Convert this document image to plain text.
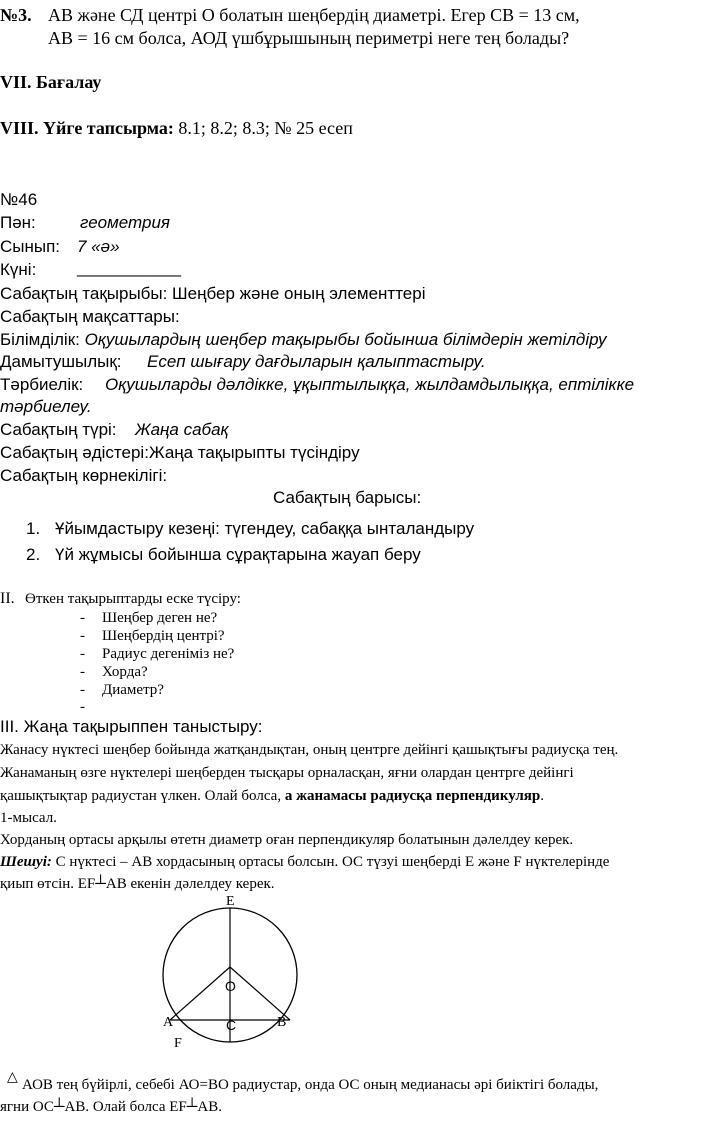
№3. АВ және СД центрі О болатын шеңбердің диаметрі. Егер СВ = 13 см,
АВ = 16 см болса, АОД үшбұрышының периметрі неге тең болады?
VII. Бағалау
VIII. Үйге тапсырма: 8.1; 8.2; 8.3; № 25 есеп
№46
Пән:	геометрия
Сынып: 7 «ә»
Күні: ___________
Сабақтың тақырыбы: Шеңбер және оның элементтері
Сабақтың мақсаттары:
Білімділік: Оқушылардың шеңбер тақырыбы бойынша білімдерін жетілдіру
Дамытушылық: Есеп шығару дағдыларын қалыптастыру.
Тәрбиелік: Оқушыларды дәлдікке, ұқыптылыққа, жылдамдылыққа, ептілікке
тәрбиелеу.
Сабақтың түрі: Жаңа сабақ
Сабақтың әдістері:Жаңа тақырыпты түсіндіру
Сабақтың көрнекілігі:
Сабақтың барысы:
1. Ұйымдастыру кезеңі: түгендеу, сабаққа ынталандыру
2. Үй жұмысы бойынша сұрақтарына жауап беру
II. Өткен тақырыптарды еске түсіру:
- Шеңбер деген не?
- Шеңбердің центрі?
- Радиус дегеніміз не?
- Хорда?
- Диаметр?
-
III. Жаңа тақырыппен таныстыру:
Жанасу нүктесі шеңбер бойында жатқандықтан, оның центрге дейінгі қашықтығы радиусқа тең.
Жанаманың өзге нүктелері шеңберден тысқары орналасқан, яғни олардан центрге дейінгі
қашықтықтар радиустан үлкен. Олай болса, а жанамасы радиусқа перпендикуляр.
1-мысал.
Хорданың ортасы арқылы өтетн диаметр оған перпендикуляр болатынын дәлелдеу керек.
Шешуі: С нүктесі – АВ хордасының ортасы болсын. ОС түзуі шеңберді Е және F нүктелерінде
қиып өтсін. EF┴AB екенін дәлелдеу керек.
E
O
A	C	B
F
△ АОВ тең бүйірлі, себебі АО=ВО радиустар, онда ОС оның медианасы әрі биіктігі болады,
ягни ОС┴АВ. Олай болса EF┴AB.
